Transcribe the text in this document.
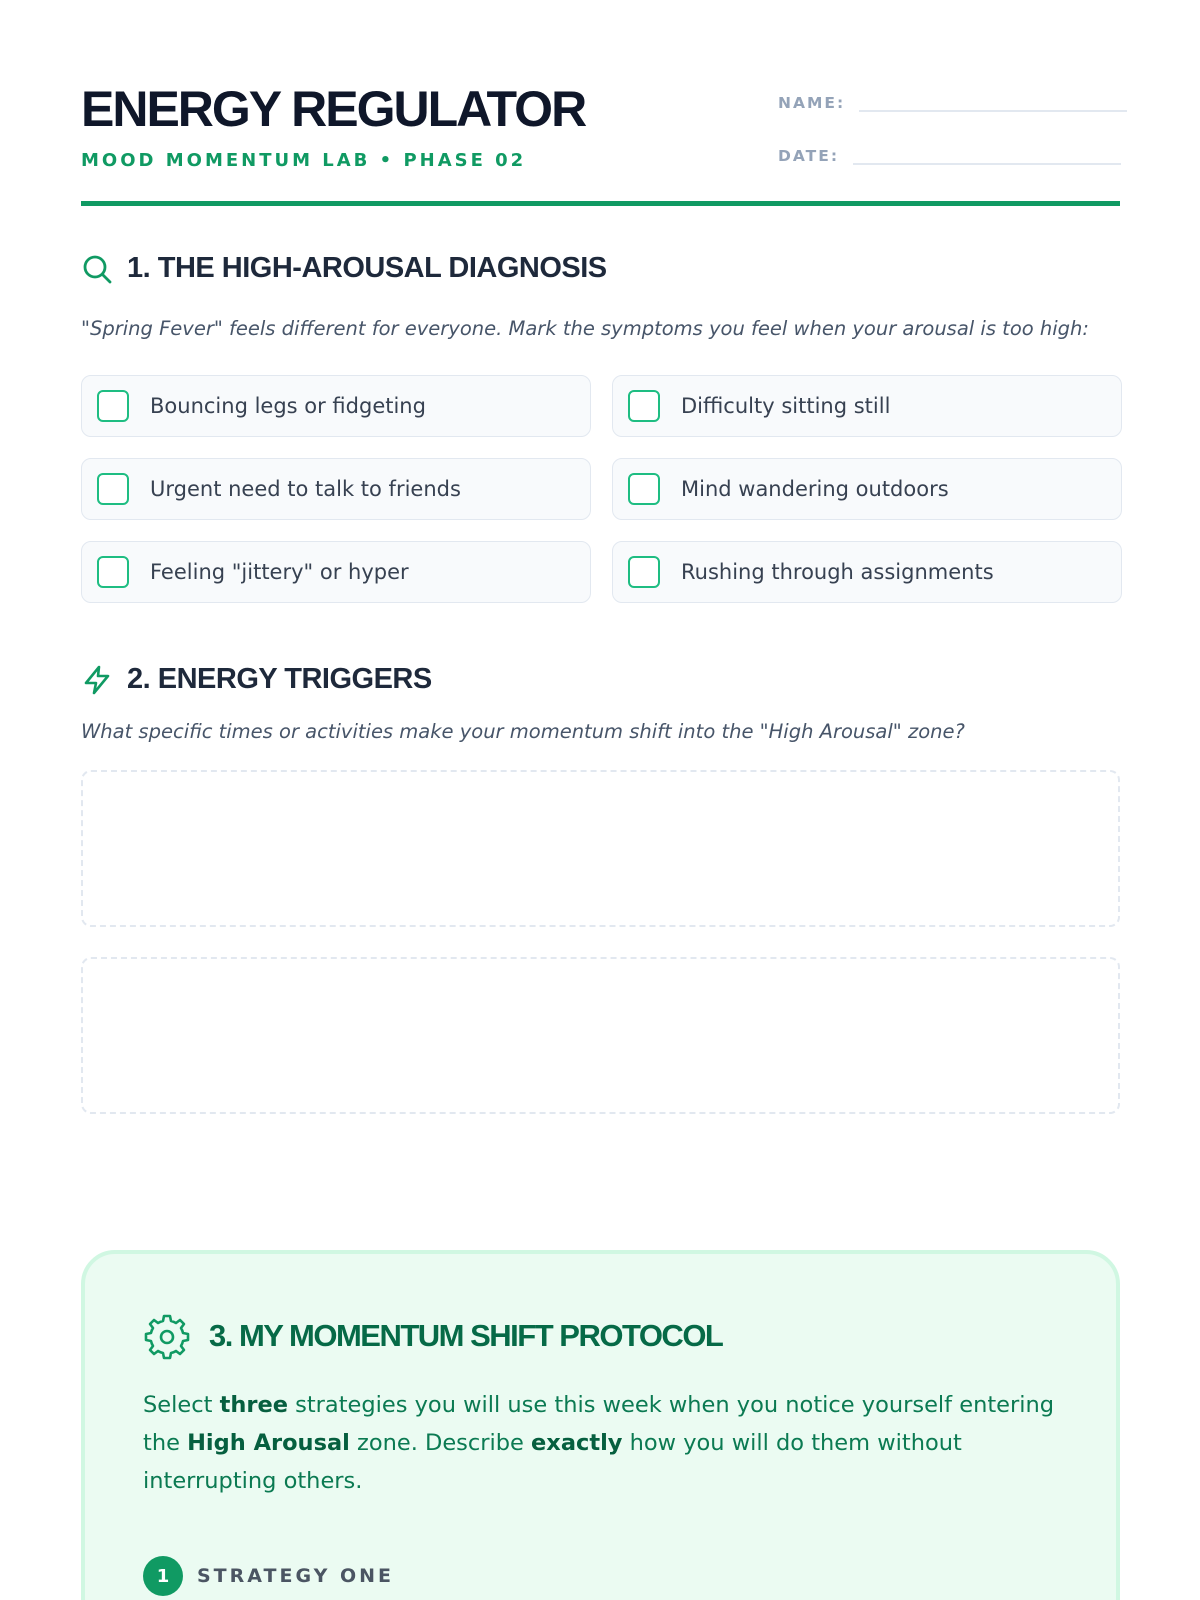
ENERGY REGULATOR
MOOD MOMENTUM LAB • PHASE 02
NAME:
DATE:
1. THE HIGH-AROUSAL DIAGNOSIS
"Spring Fever" feels different for everyone. Mark the symptoms you feel when your arousal is too high:
Bouncing legs or fidgeting	Difficulty sitting still
Urgent need to talk to friends	Mind wandering outdoors
Feeling "jittery" or hyper	Rushing through assignments
2. ENERGY TRIGGERS
What specific times or activities make your momentum shift into the "High Arousal" zone?
3. MY MOMENTUM SHIFT PROTOCOL
Select three strategies you will use this week when you notice yourself entering the High Arousal zone. Describe exactly how you will do them without interrupting others.
1	STRATEGY ONE
